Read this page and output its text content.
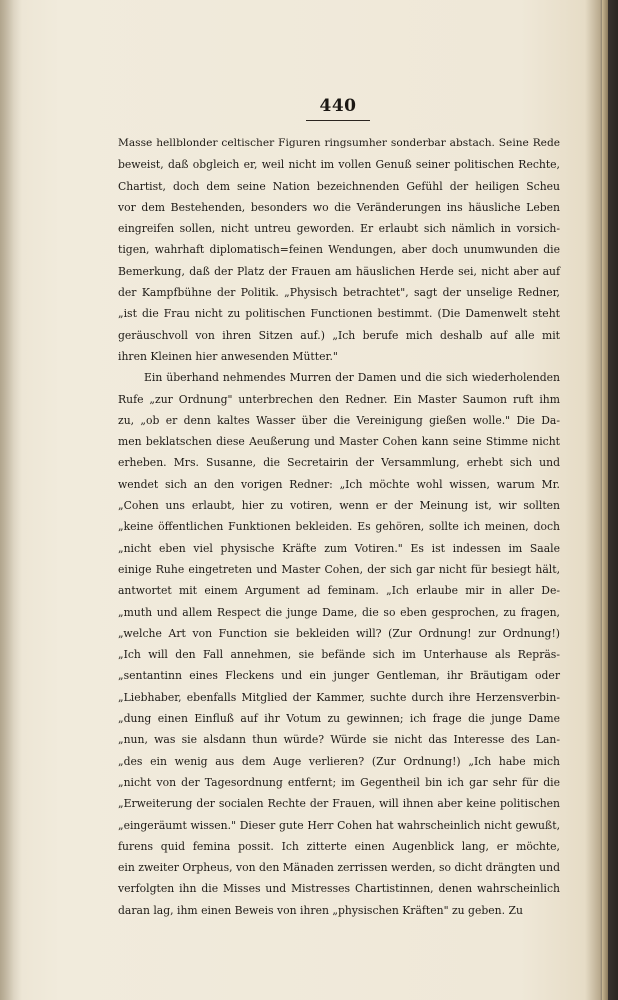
440
Masse hellblonder celtischer Figuren ringsumher sonderbar abstach. Seine Rede
beweist, daß obgleich er, weil nicht im vollen Genuß seiner politischen Rechte,
Chartist, doch dem seine Nation bezeichnenden Gefühl der heiligen Scheu
vor dem Bestehenden, besonders wo die Veränderungen ins häusliche Leben
eingreifen sollen, nicht untreu geworden. Er erlaubt sich nämlich in vorsich-
tigen, wahrhaft diplomatisch=feinen Wendungen, aber doch unumwunden die
Bemerkung, daß der Platz der Frauen am häuslichen Herde sei, nicht aber auf
der Kampfbühne der Politik. „Physisch betrachtet", sagt der unselige Redner,
„ist die Frau nicht zu politischen Functionen bestimmt. (Die Damenwelt steht
geräuschvoll von ihren Sitzen auf.) „Ich berufe mich deshalb auf alle mit
ihren Kleinen hier anwesenden Mütter."
Ein überhand nehmendes Murren der Damen und die sich wiederholenden
Rufe „zur Ordnung" unterbrechen den Redner. Ein Master Saumon ruft ihm
zu, „ob er denn kaltes Wasser über die Vereinigung gießen wolle." Die Da-
men beklatschen diese Aeußerung und Master Cohen kann seine Stimme nicht
erheben. Mrs. Susanne, die Secretairin der Versammlung, erhebt sich und
wendet sich an den vorigen Redner: „Ich möchte wohl wissen, warum Mr.
„Cohen uns erlaubt, hier zu votiren, wenn er der Meinung ist, wir sollten
„keine öffentlichen Funktionen bekleiden. Es gehören, sollte ich meinen, doch
„nicht eben viel physische Kräfte zum Votiren." Es ist indessen im Saale
einige Ruhe eingetreten und Master Cohen, der sich gar nicht für besiegt hält,
antwortet mit einem Argument ad feminam. „Ich erlaube mir in aller De-
„muth und allem Respect die junge Dame, die so eben gesprochen, zu fragen,
„welche Art von Function sie bekleiden will? (Zur Ordnung! zur Ordnung!)
„Ich will den Fall annehmen, sie befände sich im Unterhause als Repräs-
„sentantinn eines Fleckens und ein junger Gentleman, ihr Bräutigam oder
„Liebhaber, ebenfalls Mitglied der Kammer, suchte durch ihre Herzensverbin-
„dung einen Einfluß auf ihr Votum zu gewinnen; ich frage die junge Dame
„nun, was sie alsdann thun würde? Würde sie nicht das Interesse des Lan-
„des ein wenig aus dem Auge verlieren? (Zur Ordnung!) „Ich habe mich
„nicht von der Tagesordnung entfernt; im Gegentheil bin ich gar sehr für die
„Erweiterung der socialen Rechte der Frauen, will ihnen aber keine politischen
„eingeräumt wissen." Dieser gute Herr Cohen hat wahrscheinlich nicht gewußt,
furens quid femina possit. Ich zitterte einen Augenblick lang, er möchte,
ein zweiter Orpheus, von den Mänaden zerrissen werden, so dicht drängten und
verfolgten ihn die Misses und Mistresses Chartistinnen, denen wahrscheinlich
daran lag, ihm einen Beweis von ihren „physischen Kräften" zu geben. Zu
